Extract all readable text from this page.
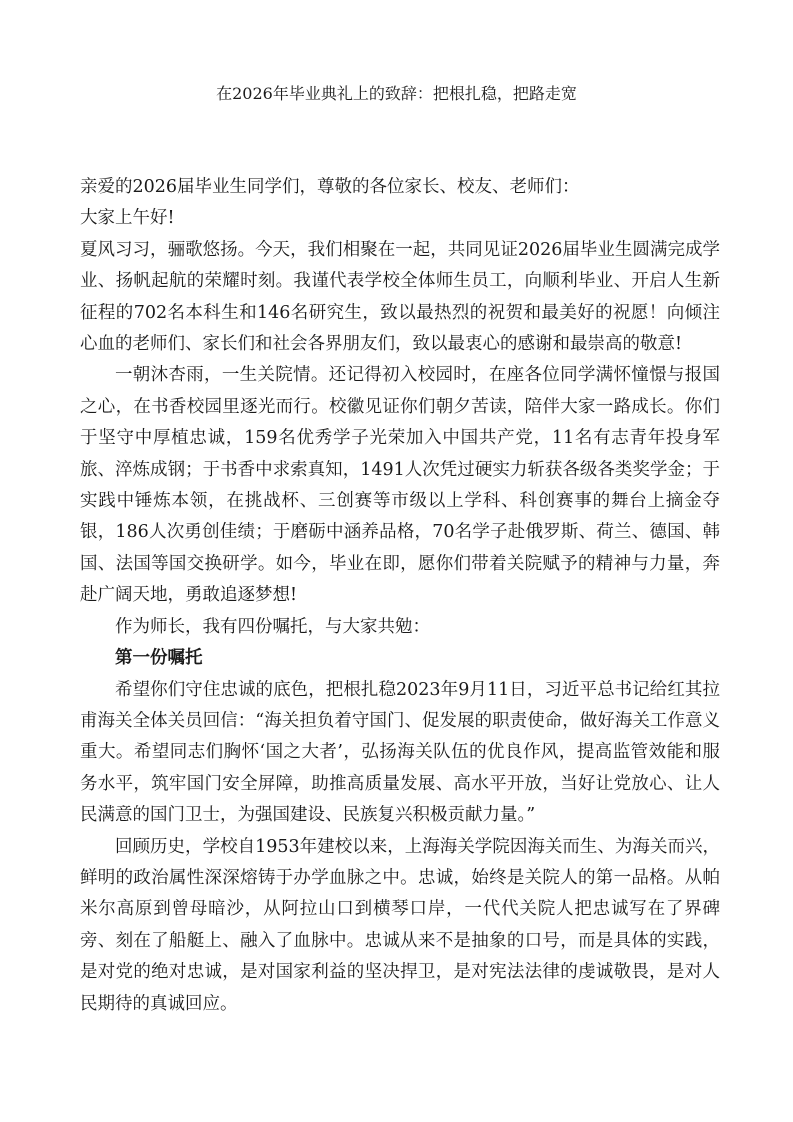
在2026年毕业典礼上的致辞：把根扎稳，把路走宽

亲爱的2026届毕业生同学们，尊敬的各位家长、校友、老师们：

大家上午好!

夏风习习，骊歌悠扬。今天，我们相聚在一起，共同见证2026届毕业生圆满完成学业、扬帆起航的荣耀时刻。我谨代表学校全体师生员工，向顺利毕业、开启人生新征程的702名本科生和146名研究生，致以最热烈的祝贺和最美好的祝愿！向倾注心血的老师们、家长们和社会各界朋友们，致以最衷心的感谢和最崇高的敬意!

一朝沐杏雨，一生关院情。还记得初入校园时，在座各位同学满怀憧憬与报国之心，在书香校园里逐光而行。校徽见证你们朝夕苦读，陪伴大家一路成长。你们于坚守中厚植忠诚，159名优秀学子光荣加入中国共产党，11名有志青年投身军旅、淬炼成钢；于书香中求索真知，1491人次凭过硬实力斩获各级各类奖学金；于实践中锤炼本领，在挑战杯、三创赛等市级以上学科、科创赛事的舞台上摘金夺银，186人次勇创佳绩；于磨砺中涵养品格，70名学子赴俄罗斯、荷兰、德国、韩国、法国等国交换研学。如今，毕业在即，愿你们带着关院赋予的精神与力量，奔赴广阔天地，勇敢追逐梦想!

作为师长，我有四份嘱托，与大家共勉：

第一份嘱托

希望你们守住忠诚的底色，把根扎稳2023年9月11日，习近平总书记给红其拉甫海关全体关员回信：“海关担负着守国门、促发展的职责使命，做好海关工作意义重大。希望同志们胸怀‘国之大者’，弘扬海关队伍的优良作风，提高监管效能和服务水平，筑牢国门安全屏障，助推高质量发展、高水平开放，当好让党放心、让人民满意的国门卫士，为强国建设、民族复兴积极贡献力量。”

回顾历史，学校自1953年建校以来，上海海关学院因海关而生、为海关而兴，鲜明的政治属性深深熔铸于办学血脉之中。忠诚，始终是关院人的第一品格。从帕米尔高原到曾母暗沙，从阿拉山口到横琴口岸，一代代关院人把忠诚写在了界碑旁、刻在了船艇上、融入了血脉中。忠诚从来不是抽象的口号，而是具体的实践，是对党的绝对忠诚，是对国家利益的坚决捍卫，是对宪法法律的虔诚敬畏，是对人民期待的真诚回应。
